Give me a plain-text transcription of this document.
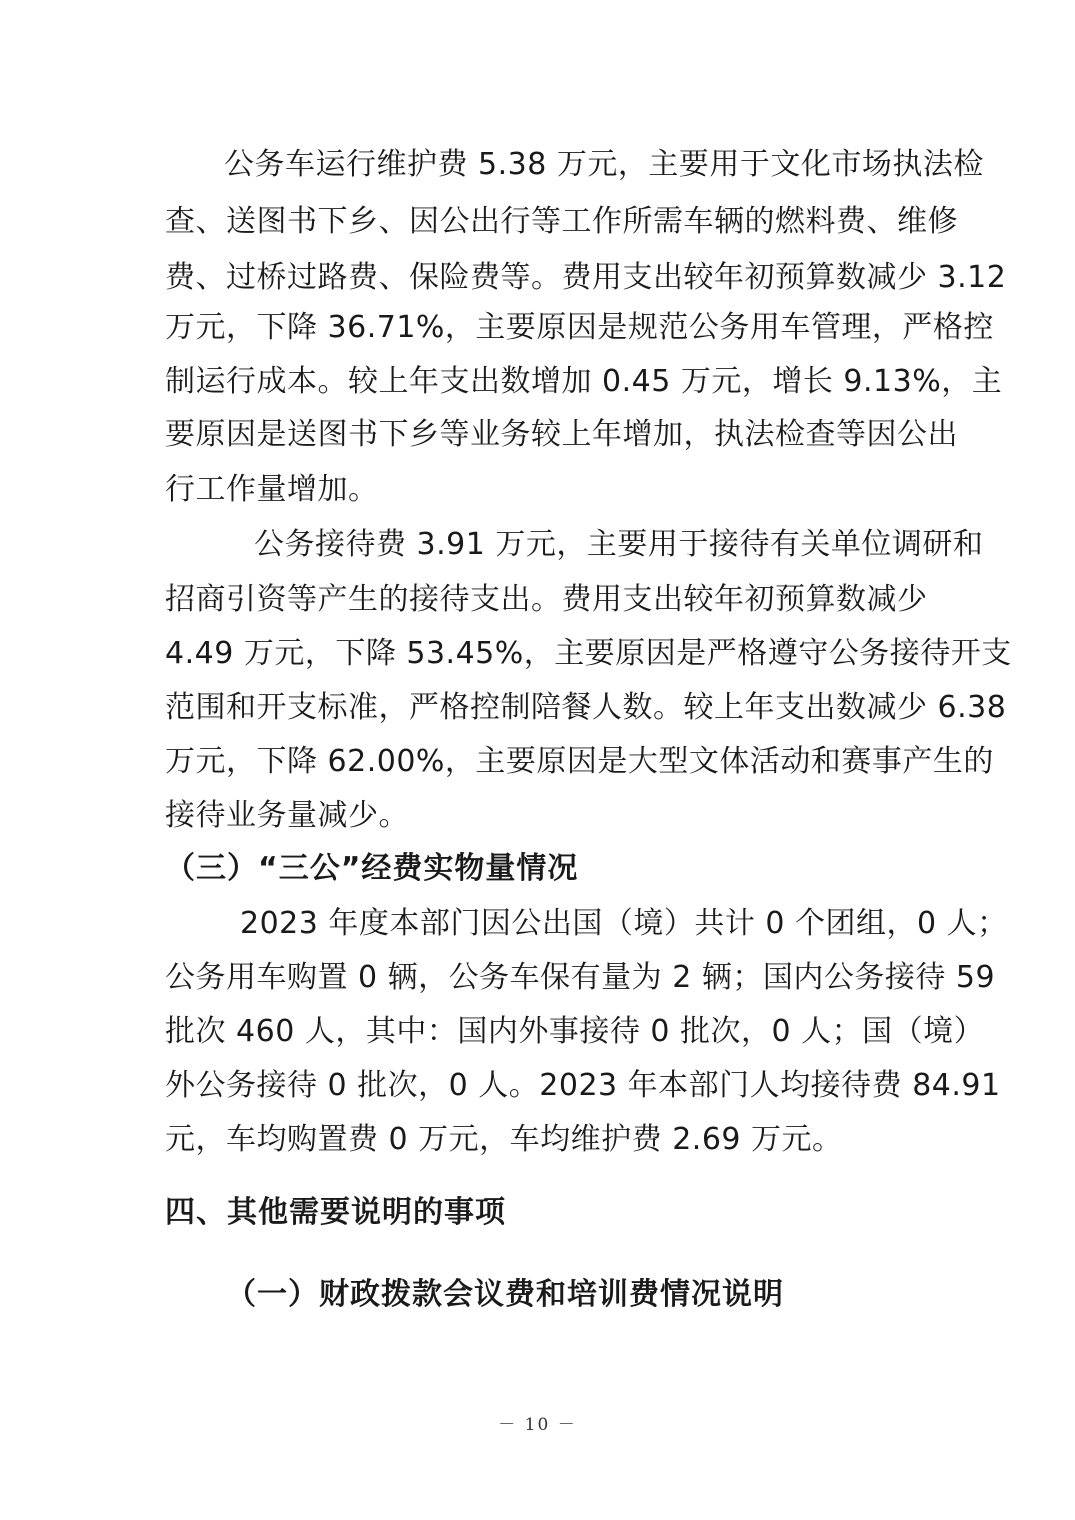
公务车运行维护费 5.38 万元，主要用于文化市场执法检
查、送图书下乡、因公出行等工作所需车辆的燃料费、维修
费、过桥过路费、保险费等。费用支出较年初预算数减少 3.12
万元，下降 36.71%，主要原因是规范公务用车管理，严格控
制运行成本。较上年支出数增加 0.45 万元，增长 9.13%，主
要原因是送图书下乡等业务较上年增加，执法检查等因公出
行工作量增加。
公务接待费 3.91 万元，主要用于接待有关单位调研和
招商引资等产生的接待支出。费用支出较年初预算数减少
4.49 万元，下降 53.45%，主要原因是严格遵守公务接待开支
范围和开支标准，严格控制陪餐人数。较上年支出数减少 6.38
万元，下降 62.00%，主要原因是大型文体活动和赛事产生的
接待业务量减少。
（三）“三公”经费实物量情况
2023 年度本部门因公出国（境）共计 0 个团组，0 人；
公务用车购置 0 辆，公务车保有量为 2 辆；国内公务接待 59
批次 460 人，其中：国内外事接待 0 批次，0 人；国（境）
外公务接待 0 批次，0 人。2023 年本部门人均接待费 84.91
元，车均购置费 0 万元，车均维护费 2.69 万元。
四、其他需要说明的事项
（一）财政拨款会议费和培训费情况说明
－ 10 －
